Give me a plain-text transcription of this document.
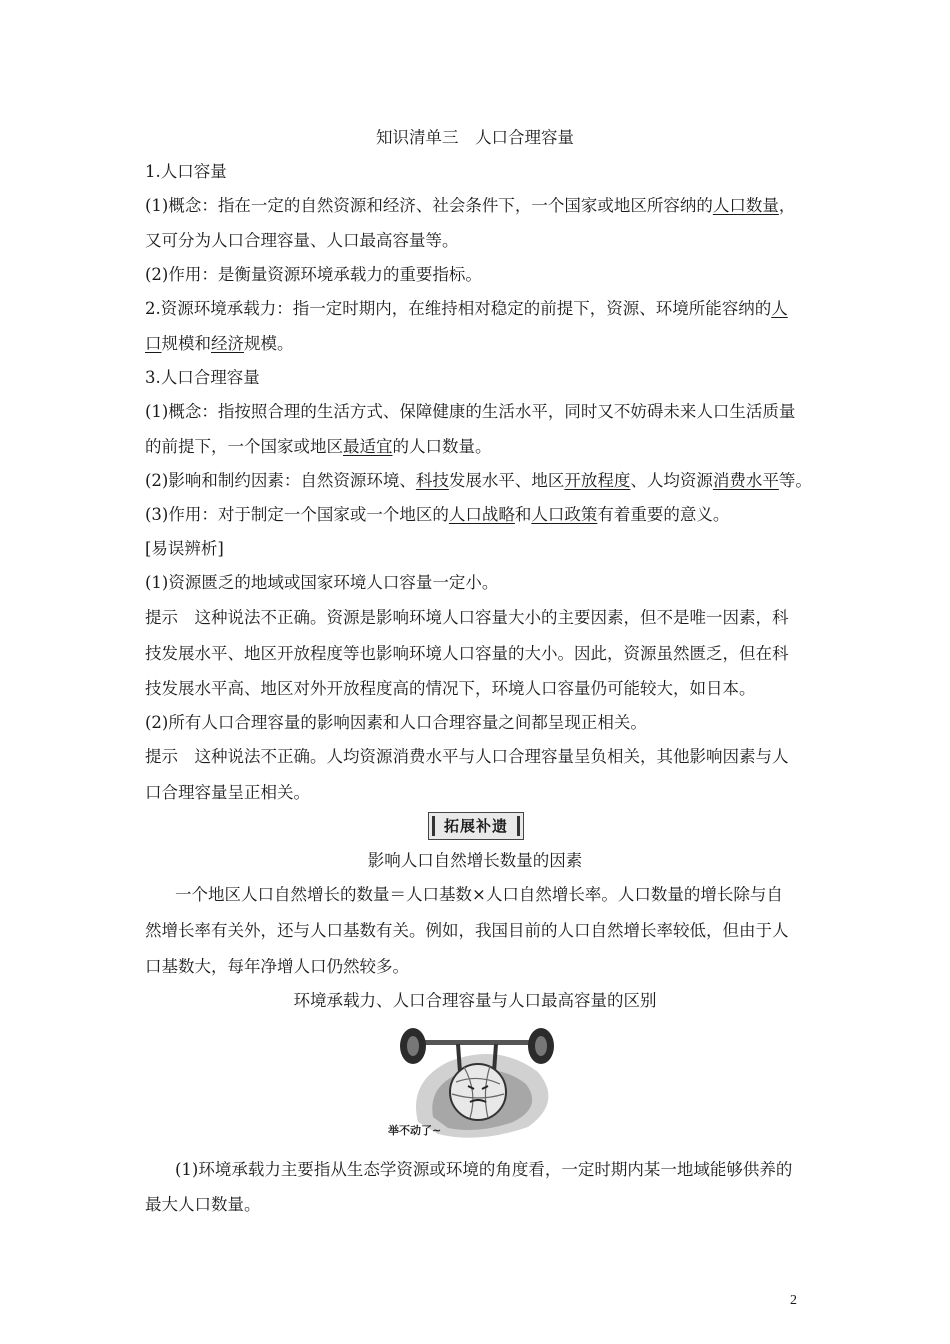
知识清单三　人口合理容量
1.人口容量
(1)概念：指在一定的自然资源和经济、社会条件下，一个国家或地区所容纳的人口数量，
又可分为人口合理容量、人口最高容量等。
(2)作用：是衡量资源环境承载力的重要指标。
2.资源环境承载力：指一定时期内，在维持相对稳定的前提下，资源、环境所能容纳的人
口规模和经济规模。
3.人口合理容量
(1)概念：指按照合理的生活方式、保障健康的生活水平，同时又不妨碍未来人口生活质量
的前提下，一个国家或地区最适宜的人口数量。
(2)影响和制约因素：自然资源环境、科技发展水平、地区开放程度、人均资源消费水平等。
(3)作用：对于制定一个国家或一个地区的人口战略和人口政策有着重要的意义。
[易误辨析]
(1)资源匮乏的地域或国家环境人口容量一定小。
提示　这种说法不正确。资源是影响环境人口容量大小的主要因素，但不是唯一因素，科
技发展水平、地区开放程度等也影响环境人口容量的大小。因此，资源虽然匮乏，但在科
技发展水平高、地区对外开放程度高的情况下，环境人口容量仍可能较大，如日本。
(2)所有人口合理容量的影响因素和人口合理容量之间都呈现正相关。
提示　这种说法不正确。人均资源消费水平与人口合理容量呈负相关，其他影响因素与人
口合理容量呈正相关。
拓展补遗
影响人口自然增长数量的因素
一个地区人口自然增长的数量＝人口基数×人口自然增长率。人口数量的增长除与自
然增长率有关外，还与人口基数有关。例如，我国目前的人口自然增长率较低，但由于人
口基数大，每年净增人口仍然较多。
环境承载力、人口合理容量与人口最高容量的区别
举不动了~
(1)环境承载力主要指从生态学资源或环境的角度看，一定时期内某一地域能够供养的
最大人口数量。
2
